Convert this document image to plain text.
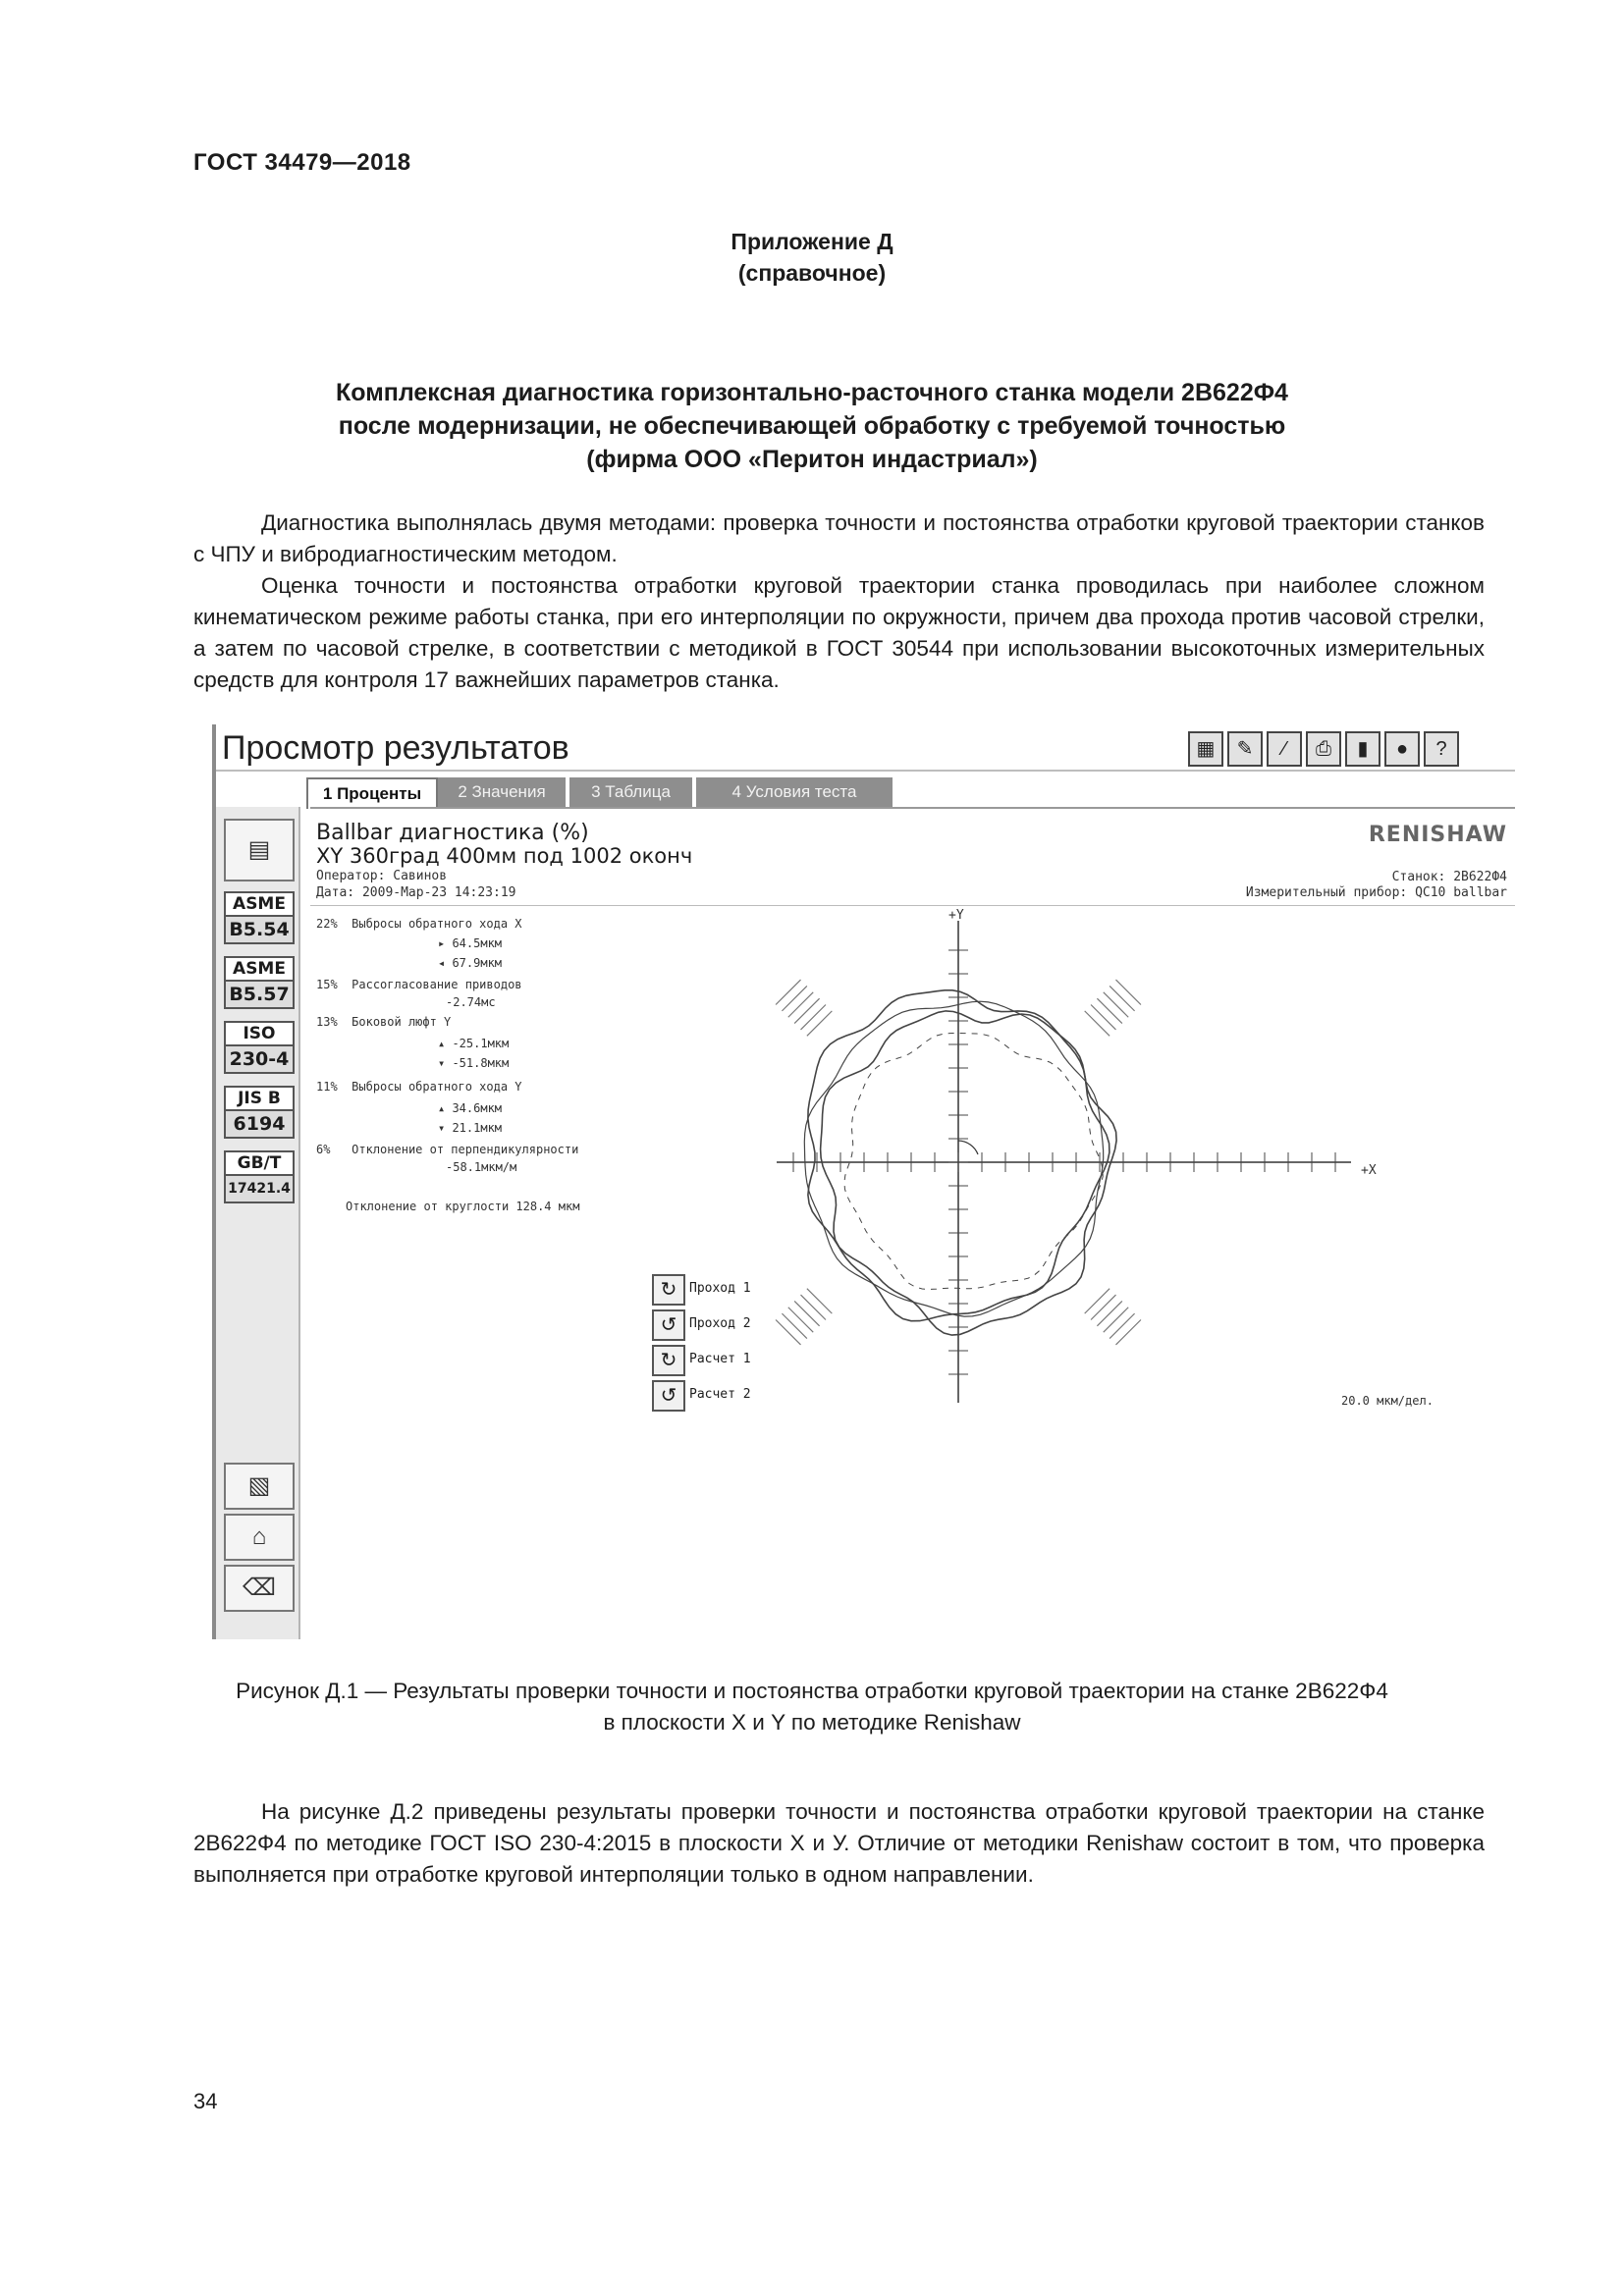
ГОСТ 34479—2018
Приложение Д
(справочное)
Комплексная диагностика горизонтально-расточного станка модели 2В622Ф4
после модернизации, не обеспечивающей обработку с требуемой точностью
(фирма ООО «Перитон индастриал»)

Диагностика выполнялась двумя методами: проверка точности и постоянства отработки круговой траектории станков с ЧПУ и вибродиагностическим методом.

Оценка точности и постоянства отработки круговой траектории станка проводилась при наиболее сложном кинематическом режиме работы станка, при его интерполяции по окружности, причем два прохода против часовой стрелки, а затем по часовой стрелке, в соответствии с методикой в ГОСТ 30544 при использовании высокоточных измерительных средств для контроля 17 важнейших параметров станка.

Просмотр результатов	▦	✎	⁄	⎙	▮	●	?
1 Проценты	2 Значения	3 Таблица	4 Условия теста
▤
ASME
B5.54
ASME
B5.57
ISO
230-4
JIS B
6194
GB/T
17421.4
▧
⌂
⌫
Ballbar диагностика (%)
XY 360град 400мм под 1002 оконч
Оператор: Савинов
Дата: 2009-Мар-23 14:23:19
RENISHAW
Станок: 2В622Ф4
Измерительный прибор: QC10 ballbar
22% Выбросы обратного хода X
▸ 64.5мкм
◂ 67.9мкм
15% Рассогласование приводов
-2.74мс
13% Боковой люфт Y
▴ -25.1мкм
▾ -51.8мкм
11% Выбросы обратного хода Y
▴ 34.6мкм
▾ 21.1мкм
6% Отклонение от перпендикулярности
-58.1мкм/м
Отклонение от круглости 128.4 мкм
↻ Проход 1
↺ Проход 2
↻ Расчет 1
↺ Расчет 2
+Y
+X
20.0 мкм/дел.
Рисунок Д.1 — Результаты проверки точности и постоянства отработки круговой траектории на станке 2В622Ф4
в плоскости X и Y по методике Renishaw

На рисунке Д.2 приведены результаты проверки точности и постоянства отработки круговой траектории на станке 2В622Ф4 по методике ГОСТ ISO 230-4:2015 в плоскости X и У. Отличие от методики Renishaw состоит в том, что проверка выполняется при отработке круговой интерполяции только в одном направлении.

34
